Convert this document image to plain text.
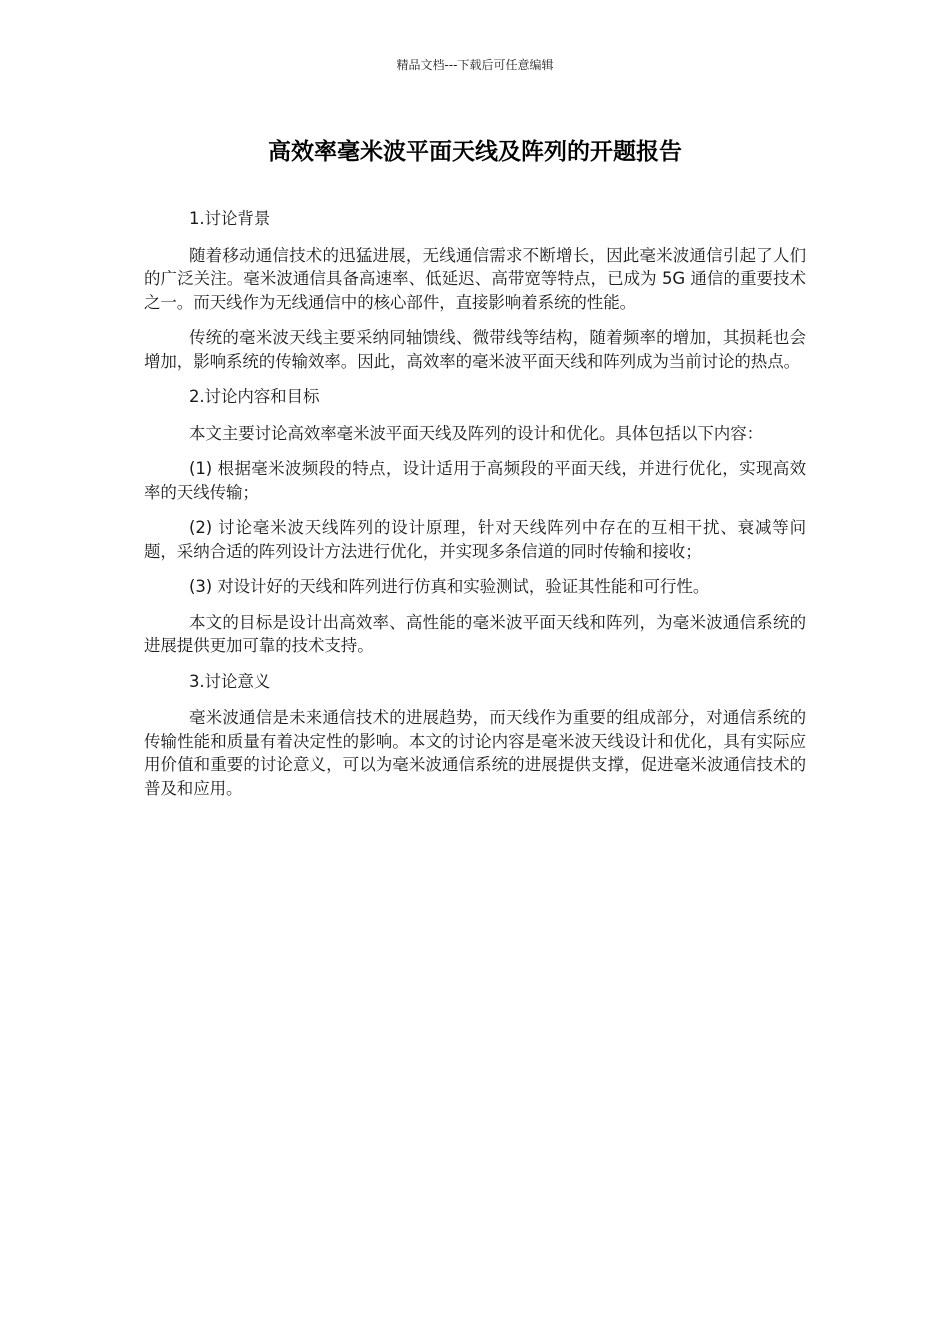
精品文档---下载后可任意编辑
高效率毫米波平面天线及阵列的开题报告

1.讨论背景

随着移动通信技术的迅猛进展，无线通信需求不断增长，因此毫米波通信引起了人们的广泛关注。毫米波通信具备高速率、低延迟、高带宽等特点，已成为 5G 通信的重要技术之一。而天线作为无线通信中的核心部件，直接影响着系统的性能。

传统的毫米波天线主要采纳同轴馈线、微带线等结构，随着频率的增加，其损耗也会增加，影响系统的传输效率。因此，高效率的毫米波平面天线和阵列成为当前讨论的热点。

2.讨论内容和目标

本文主要讨论高效率毫米波平面天线及阵列的设计和优化。具体包括以下内容：

(1) 根据毫米波频段的特点，设计适用于高频段的平面天线，并进行优化，实现高效率的天线传输；

(2) 讨论毫米波天线阵列的设计原理，针对天线阵列中存在的互相干扰、衰减等问题，采纳合适的阵列设计方法进行优化，并实现多条信道的同时传输和接收；

(3) 对设计好的天线和阵列进行仿真和实验测试，验证其性能和可行性。

本文的目标是设计出高效率、高性能的毫米波平面天线和阵列，为毫米波通信系统的进展提供更加可靠的技术支持。

3.讨论意义

毫米波通信是未来通信技术的进展趋势，而天线作为重要的组成部分，对通信系统的传输性能和质量有着决定性的影响。本文的讨论内容是毫米波天线设计和优化，具有实际应用价值和重要的讨论意义，可以为毫米波通信系统的进展提供支撑，促进毫米波通信技术的普及和应用。
